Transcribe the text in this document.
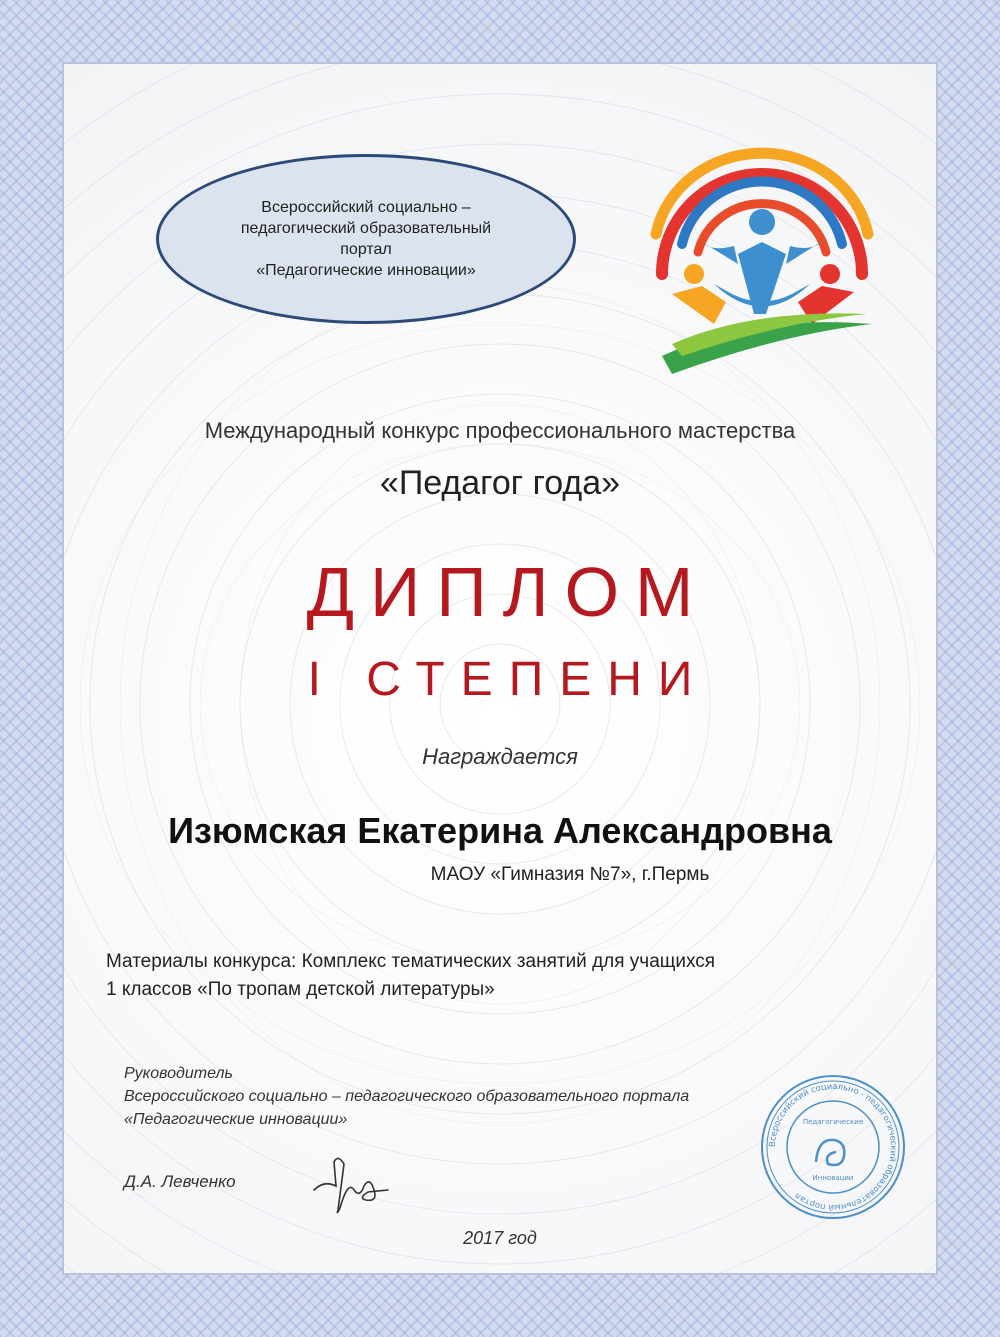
Всероссийский социально –
педагогический образовательный
портал
«Педагогические инновации»
Международный конкурс профессионального мастерства
«Педагог года»
ДИПЛОМ
I СТЕПЕНИ
Награждается
Изюмская Екатерина Александровна
МАОУ «Гимназия №7», г.Пермь
Материалы конкурса: Комплекс тематических занятий для учащихся
1 классов «По тропам детской литературы»
Руководитель
Всероссийского социально – педагогического образовательного портала
«Педагогические инновации»
Д.А. Левченко
Всероссийский социально - педагогический образовательный портал
Педагогические
Инновации
2017 год
